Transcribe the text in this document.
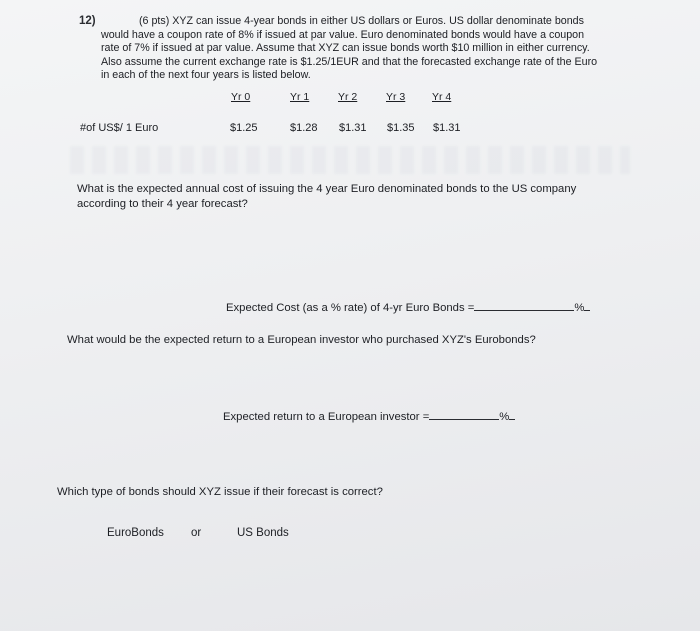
12)	(6 pts) XYZ can issue 4-year bonds in either US dollars or Euros. US dollar denominate bonds
would have a coupon rate of 8% if issued at par value. Euro denominated bonds would have a coupon
rate of 7% if issued at par value. Assume that XYZ can issue bonds worth $10 million in either currency.
Also assume the current exchange rate is $1.25/1EUR and that the forecasted exchange rate of the Euro
in each of the next four years is listed below.
Yr 0	Yr 1	Yr 2	Yr 3	Yr 4
#of US$/ 1 Euro	$1.25	$1.28 $1.31 $1.35 $1.31
What is the expected annual cost of issuing the 4 year Euro denominated bonds to the US company
according to their 4 year forecast?
Expected Cost (as a % rate) of 4-yr Euro Bonds =	%
What would be the expected return to a European investor who purchased XYZ's Eurobonds?
Expected return to a European investor =	%
Which type of bonds should XYZ issue if their forecast is correct?
EuroBonds or	US Bonds
